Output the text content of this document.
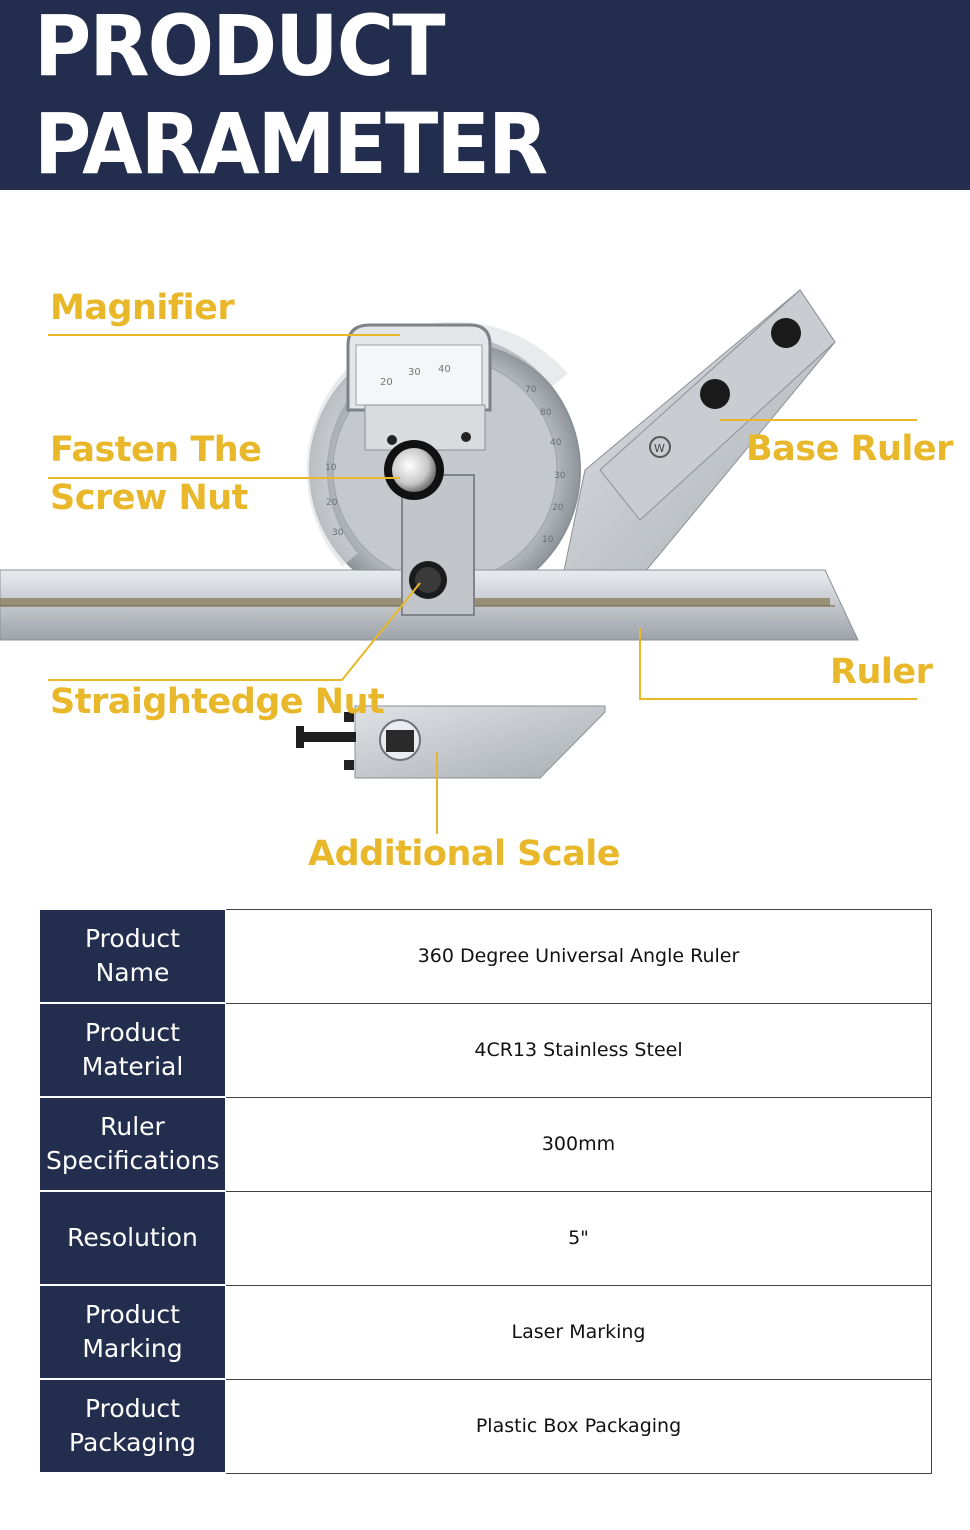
PRODUCT PARAMETER
W
70
80
40
30
20
10
10
20
30
20
30 40
Magnifier
Fasten The
Screw Nut
Base Ruler
Ruler
Straightedge Nut
Additional Scale
Product
Name	360 Degree Universal Angle Ruler

Product
Material	4CR13 Stainless Steel

Ruler
Specifications	300mm

Resolution	5"

Product
Marking	Laser Marking

Product
Packaging	Plastic Box Packaging
